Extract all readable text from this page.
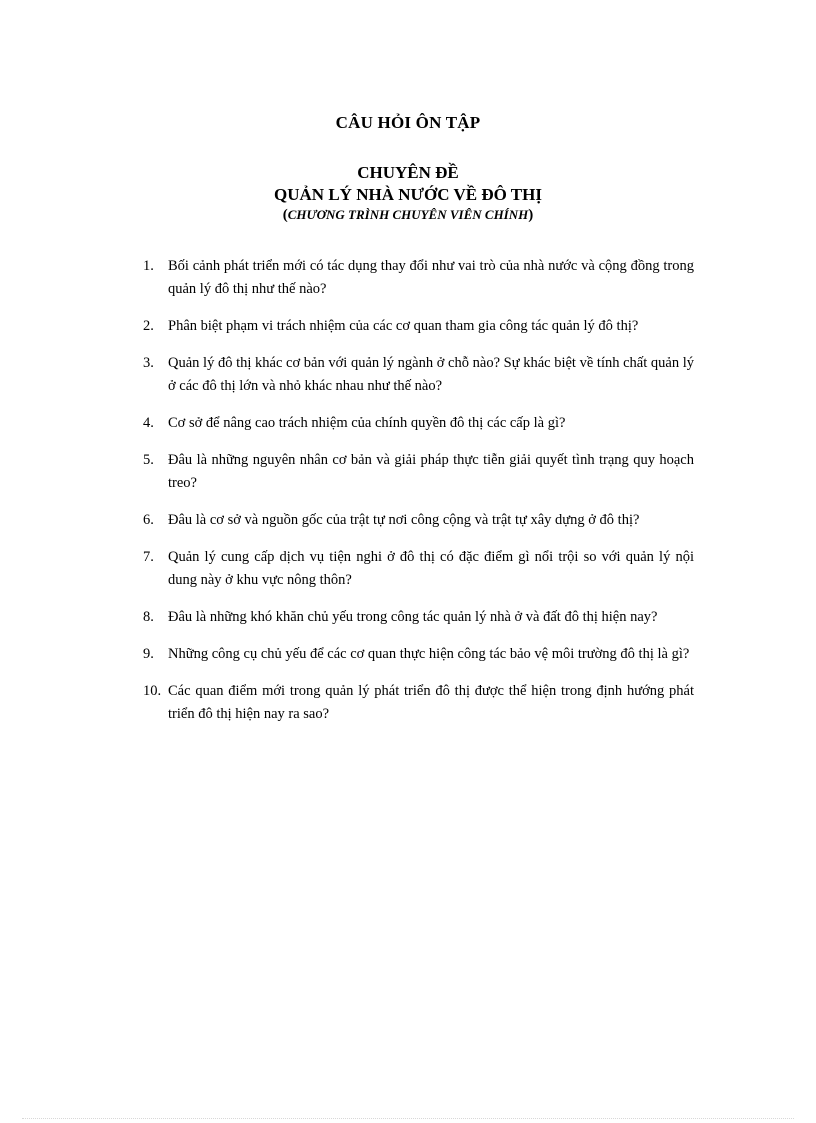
CÂU HỎI ÔN TẬP
CHUYÊN ĐỀ
QUẢN LÝ NHÀ NƯỚC VỀ ĐÔ THỊ
(CHƯƠNG TRÌNH CHUYÊN VIÊN CHÍNH)
1. Bối cảnh phát triển mới có tác dụng thay đổi như vai trò của nhà nước và cộng đồng trong quản lý đô thị như thế nào?
2. Phân biệt phạm vi trách nhiệm của các cơ quan tham gia công tác quản lý đô thị?
3. Quản lý đô thị khác cơ bản với quản lý ngành ở chỗ nào? Sự khác biệt về tính chất quản lý ở các đô thị lớn và nhỏ khác nhau như thế nào?
4. Cơ sở để nâng cao trách nhiệm của chính quyền đô thị các cấp là gì?
5. Đâu là những nguyên nhân cơ bản và giải pháp thực tiễn giải quyết tình trạng quy hoạch treo?
6. Đâu là cơ sở và nguồn gốc của trật tự nơi công cộng và trật tự xây dựng ở đô thị?
7. Quản lý cung cấp dịch vụ tiện nghi ở đô thị có đặc điểm gì nổi trội so với quản lý nội dung này ở khu vực nông thôn?
8. Đâu là những khó khăn chủ yếu trong công tác quản lý nhà ở và đất đô thị hiện nay?
9. Những công cụ chủ yếu để các cơ quan thực hiện công tác bảo vệ môi trường đô thị là gì?
10. Các quan điểm mới trong quản lý phát triển đô thị được thể hiện trong định hướng phát triển đô thị hiện nay ra sao?
